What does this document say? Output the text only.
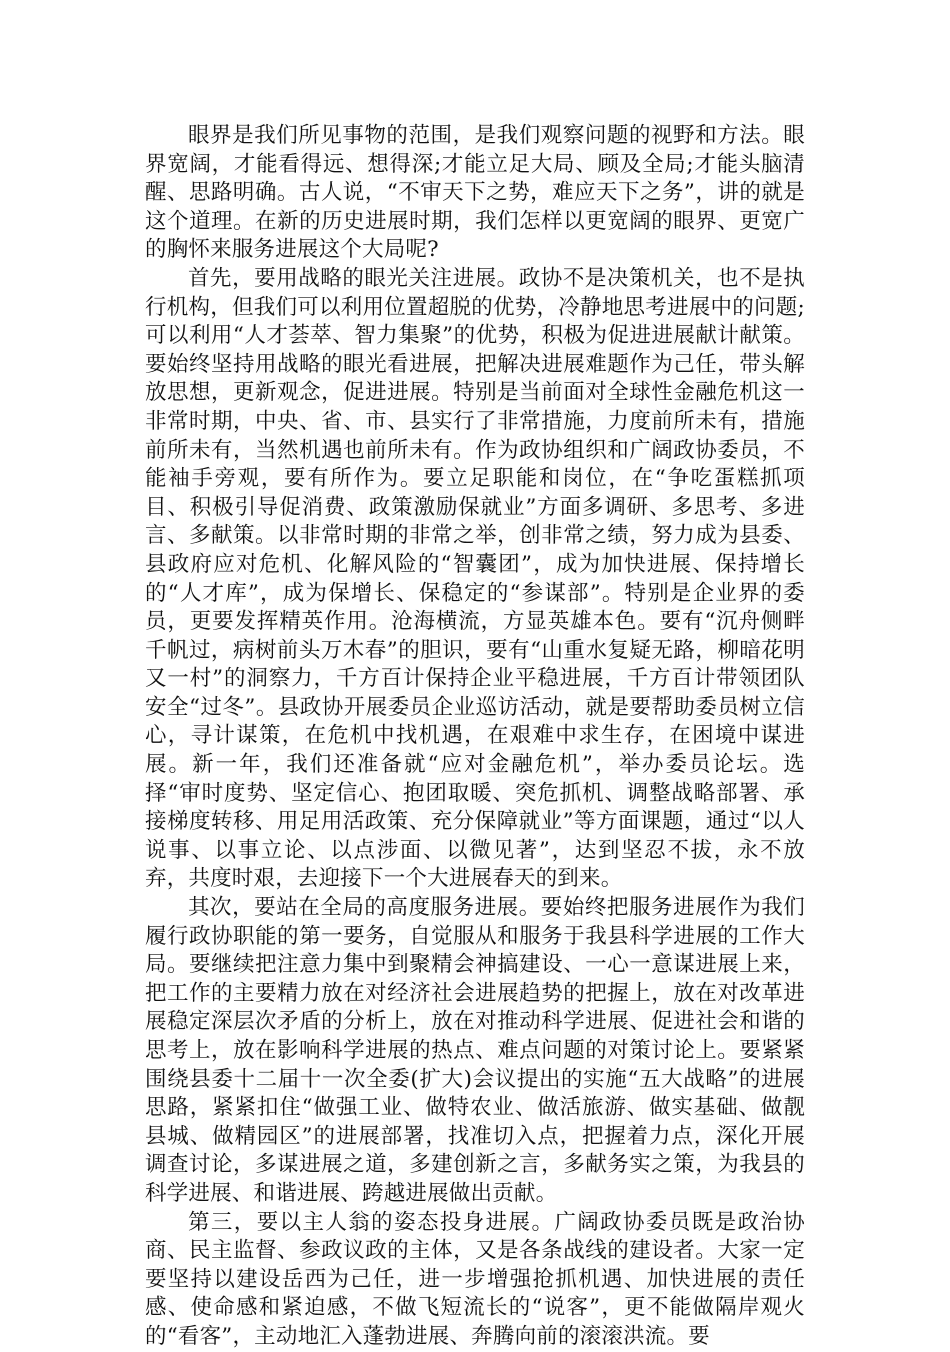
眼界是我们所见事物的范围，是我们观察问题的视野和方法。眼界宽阔，才能看得远、想得深;才能立足大局、顾及全局;才能头脑清醒、思路明确。古人说，“不审天下之势，难应天下之务”，讲的就是这个道理。在新的历史进展时期，我们怎样以更宽阔的眼界、更宽广的胸怀来服务进展这个大局呢?

首先，要用战略的眼光关注进展。政协不是决策机关，也不是执行机构，但我们可以利用位置超脱的优势，冷静地思考进展中的问题;可以利用“人才荟萃、智力集聚”的优势，积极为促进进展献计献策。要始终坚持用战略的眼光看进展，把解决进展难题作为己任，带头解放思想，更新观念，促进进展。特别是当前面对全球性金融危机这一非常时期，中央、省、市、县实行了非常措施，力度前所未有，措施前所未有，当然机遇也前所未有。作为政协组织和广阔政协委员，不能袖手旁观，要有所作为。要立足职能和岗位，在“争吃蛋糕抓项目、积极引导促消费、政策激励保就业”方面多调研、多思考、多进言、多献策。以非常时期的非常之举，创非常之绩，努力成为县委、县政府应对危机、化解风险的“智囊团”，成为加快进展、保持增长的“人才库”，成为保增长、保稳定的“参谋部”。特别是企业界的委员，更要发挥精英作用。沧海横流，方显英雄本色。要有“沉舟侧畔千帆过，病树前头万木春”的胆识，要有“山重水复疑无路，柳暗花明又一村”的洞察力，千方百计保持企业平稳进展，千方百计带领团队安全“过冬”。县政协开展委员企业巡访活动，就是要帮助委员树立信心，寻计谋策，在危机中找机遇，在艰难中求生存，在困境中谋进展。新一年，我们还准备就“应对金融危机”，举办委员论坛。选择“审时度势、坚定信心、抱团取暖、突危抓机、调整战略部署、承接梯度转移、用足用活政策、充分保障就业”等方面课题，通过“以人说事、以事立论、以点涉面、以微见著”，达到坚忍不拔，永不放弃，共度时艰，去迎接下一个大进展春天的到来。

其次，要站在全局的高度服务进展。要始终把服务进展作为我们履行政协职能的第一要务，自觉服从和服务于我县科学进展的工作大局。要继续把注意力集中到聚精会神搞建设、一心一意谋进展上来，把工作的主要精力放在对经济社会进展趋势的把握上，放在对改革进展稳定深层次矛盾的分析上，放在对推动科学进展、促进社会和谐的思考上，放在影响科学进展的热点、难点问题的对策讨论上。要紧紧围绕县委十二届十一次全委(扩大)会议提出的实施“五大战略”的进展思路，紧紧扣住“做强工业、做特农业、做活旅游、做实基础、做靓县城、做精园区”的进展部署，找准切入点，把握着力点，深化开展调查讨论，多谋进展之道，多建创新之言，多献务实之策，为我县的科学进展、和谐进展、跨越进展做出贡献。

第三，要以主人翁的姿态投身进展。广阔政协委员既是政治协商、民主监督、参政议政的主体，又是各条战线的建设者。大家一定要坚持以建设岳西为己任，进一步增强抢抓机遇、加快进展的责任感、使命感和紧迫感，不做飞短流长的“说客”，更不能做隔岸观火的“看客”，主动地汇入蓬勃进展、奔腾向前的滚滚洪流。要
